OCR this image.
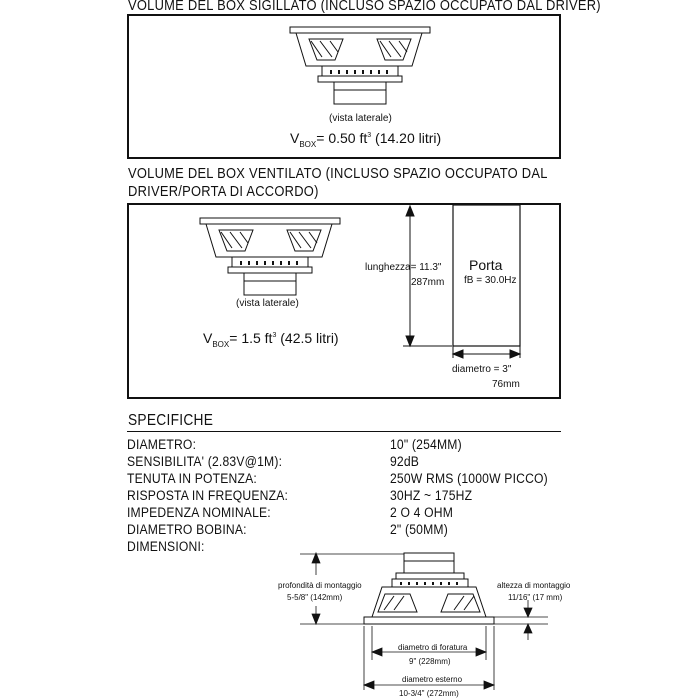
VOLUME DEL BOX SIGILLATO (INCLUSO SPAZIO OCCUPATO DAL DRIVER)
(vista laterale)
$V_{BOX}= 0.50$ $ft^3$ (14.20 litri)
VOLUME DEL BOX VENTILATO (INCLUSO SPAZIO OCCUPATO DAL
DRIVER/PORTA DI ACCORDO)
(vista laterale)
$V_{BOX}= 1.5$ $ft^3$ (42.5 litri)
lunghezza= 11.3"
287mm
Porta
fB = 30.0Hz
diametro = 3"
76mm
SPECIFICHE
DIAMETRO:	10" (254MM)
SENSIBILITA' (2.83V@1M):	92dB
TENUTA IN POTENZA:	250W RMS (1000W PICCO)
RISPOSTA IN FREQUENZA:	30HZ ~ 175HZ
IMPEDENZA NOMINALE:	2 O 4 OHM
DIAMETRO BOBINA:	2" (50MM)
DIMENSIONI:
profondità di montaggio
5-5/8" (142mm)
altezza di montaggio
11/16" (17 mm)
diametro di foratura
9" (228mm)
diametro esterno
10-3/4" (272mm)
